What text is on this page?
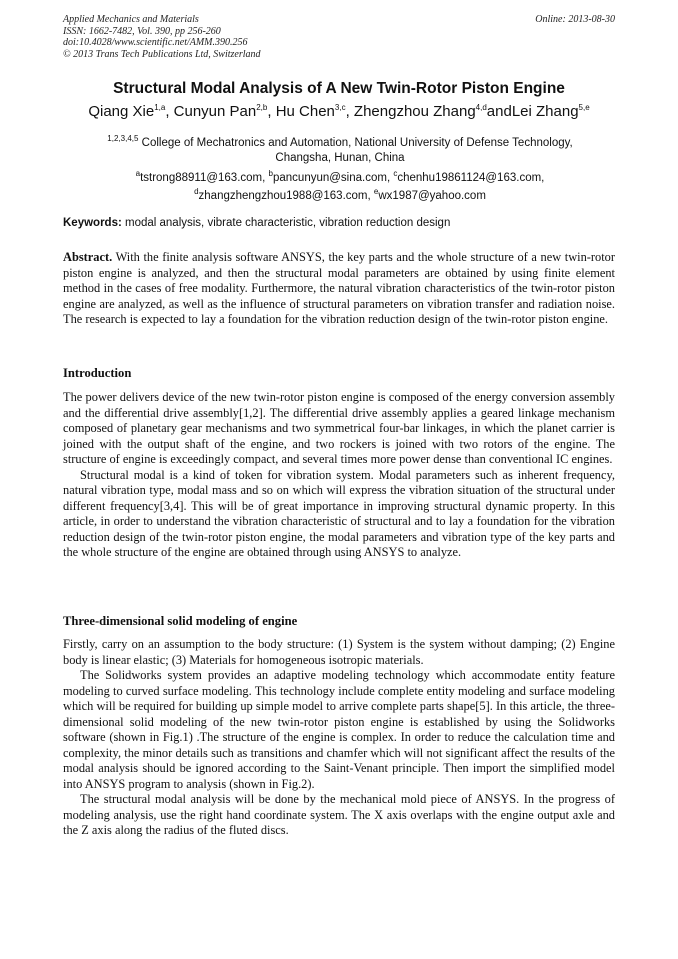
Applied Mechanics and Materials
ISSN: 1662-7482, Vol. 390, pp 256-260
doi:10.4028/www.scientific.net/AMM.390.256
© 2013 Trans Tech Publications Ltd, Switzerland
Online: 2013-08-30
Structural Modal Analysis of A New Twin-Rotor Piston Engine
Qiang Xie$^{1,a}$, Cunyun Pan$^{2,b}$, Hu Chen$^{3,c}$, Zhengzhou Zhang$^{4,d}$andLei Zhang$^{5,e}$
$^{1,2,3,4,5}$ College of Mechatronics and Automation, National University of Defense Technology, Changsha, Hunan, China
$^a$tstrong88911@163.com, $^b$pancunyun@sina.com, $^c$chenhu19861124@163.com,
$^d$zhangzhengzhou1988@163.com, $^e$wx1987@yahoo.com
Keywords: modal analysis, vibrate characteristic, vibration reduction design

Abstract. With the finite analysis software ANSYS, the key parts and the whole structure of a new twin-rotor piston engine is analyzed, and then the structural modal parameters are obtained by using finite element method in the cases of free modality. Furthermore, the natural vibration characteristics of the twin-rotor piston engine are analyzed, as well as the influence of structural parameters on vibration transfer and radiation noise. The research is expected to lay a foundation for the vibration reduction design of the twin-rotor piston engine.

Introduction

The power delivers device of the new twin-rotor piston engine is composed of the energy conversion assembly and the differential drive assembly[1,2]. The differential drive assembly applies a geared linkage mechanism composed of planetary gear mechanisms and two symmetrical four-bar linkages, in which the planet carrier is joined with the output shaft of the engine, and two rockers is joined with two rotors of the engine. The structure of engine is exceedingly compact, and several times more power dense than conventional IC engines.

Structural modal is a kind of token for vibration system. Modal parameters such as inherent frequency, natural vibration type, modal mass and so on which will express the vibration situation of the structural under different frequency[3,4]. This will be of great importance in improving structural dynamic property. In this article, in order to understand the vibration characteristic of structural and to lay a foundation for the vibration reduction design of the twin-rotor piston engine, the modal parameters and vibration type of the key parts and the whole structure of the engine are obtained through using ANSYS to analyze.

Three-dimensional solid modeling of engine

Firstly, carry on an assumption to the body structure: (1) System is the system without damping; (2) Engine body is linear elastic; (3) Materials for homogeneous isotropic materials.

The Solidworks system provides an adaptive modeling technology which accommodate entity feature modeling to curved surface modeling. This technology include complete entity modeling and surface modeling which will be required for building up simple model to arrive complete parts shape[5]. In this article, the three-dimensional solid modeling of the new twin-rotor piston engine is established by using the Solidworks software (shown in Fig.1) .The structure of the engine is complex. In order to reduce the calculation time and complexity, the minor details such as transitions and chamfer which will not significant affect the results of the modal analysis should be ignored according to the Saint-Venant principle. Then import the simplified model into ANSYS program to analysis (shown in Fig.2).

The structural modal analysis will be done by the mechanical mold piece of ANSYS. In the progress of modeling analysis, use the right hand coordinate system. The X axis overlaps with the engine output axle and the Z axis along the radius of the fluted discs.
